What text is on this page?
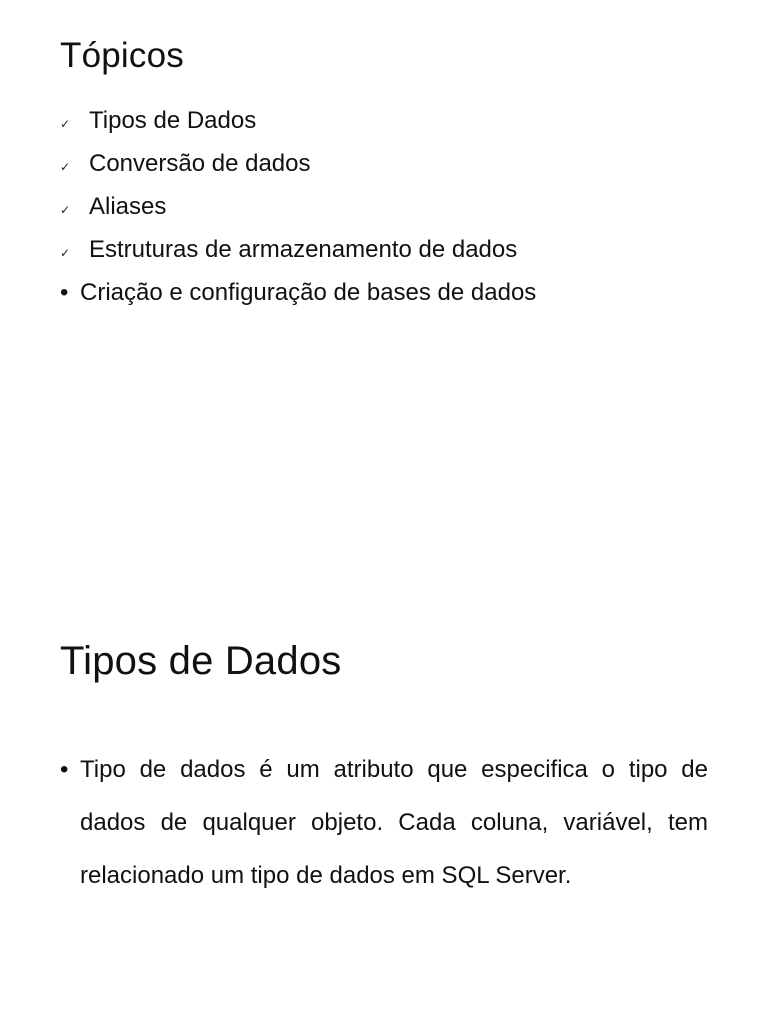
Tópicos
✓ Tipos de Dados
✓ Conversão de dados
✓ Aliases
✓ Estruturas de armazenamento de dados
• Criação e configuração de bases de dados
Tipos de Dados
• Tipo de dados é um atributo que especifica o tipo de dados de qualquer objeto. Cada coluna, variável, tem relacionado um tipo de dados em SQL Server.
